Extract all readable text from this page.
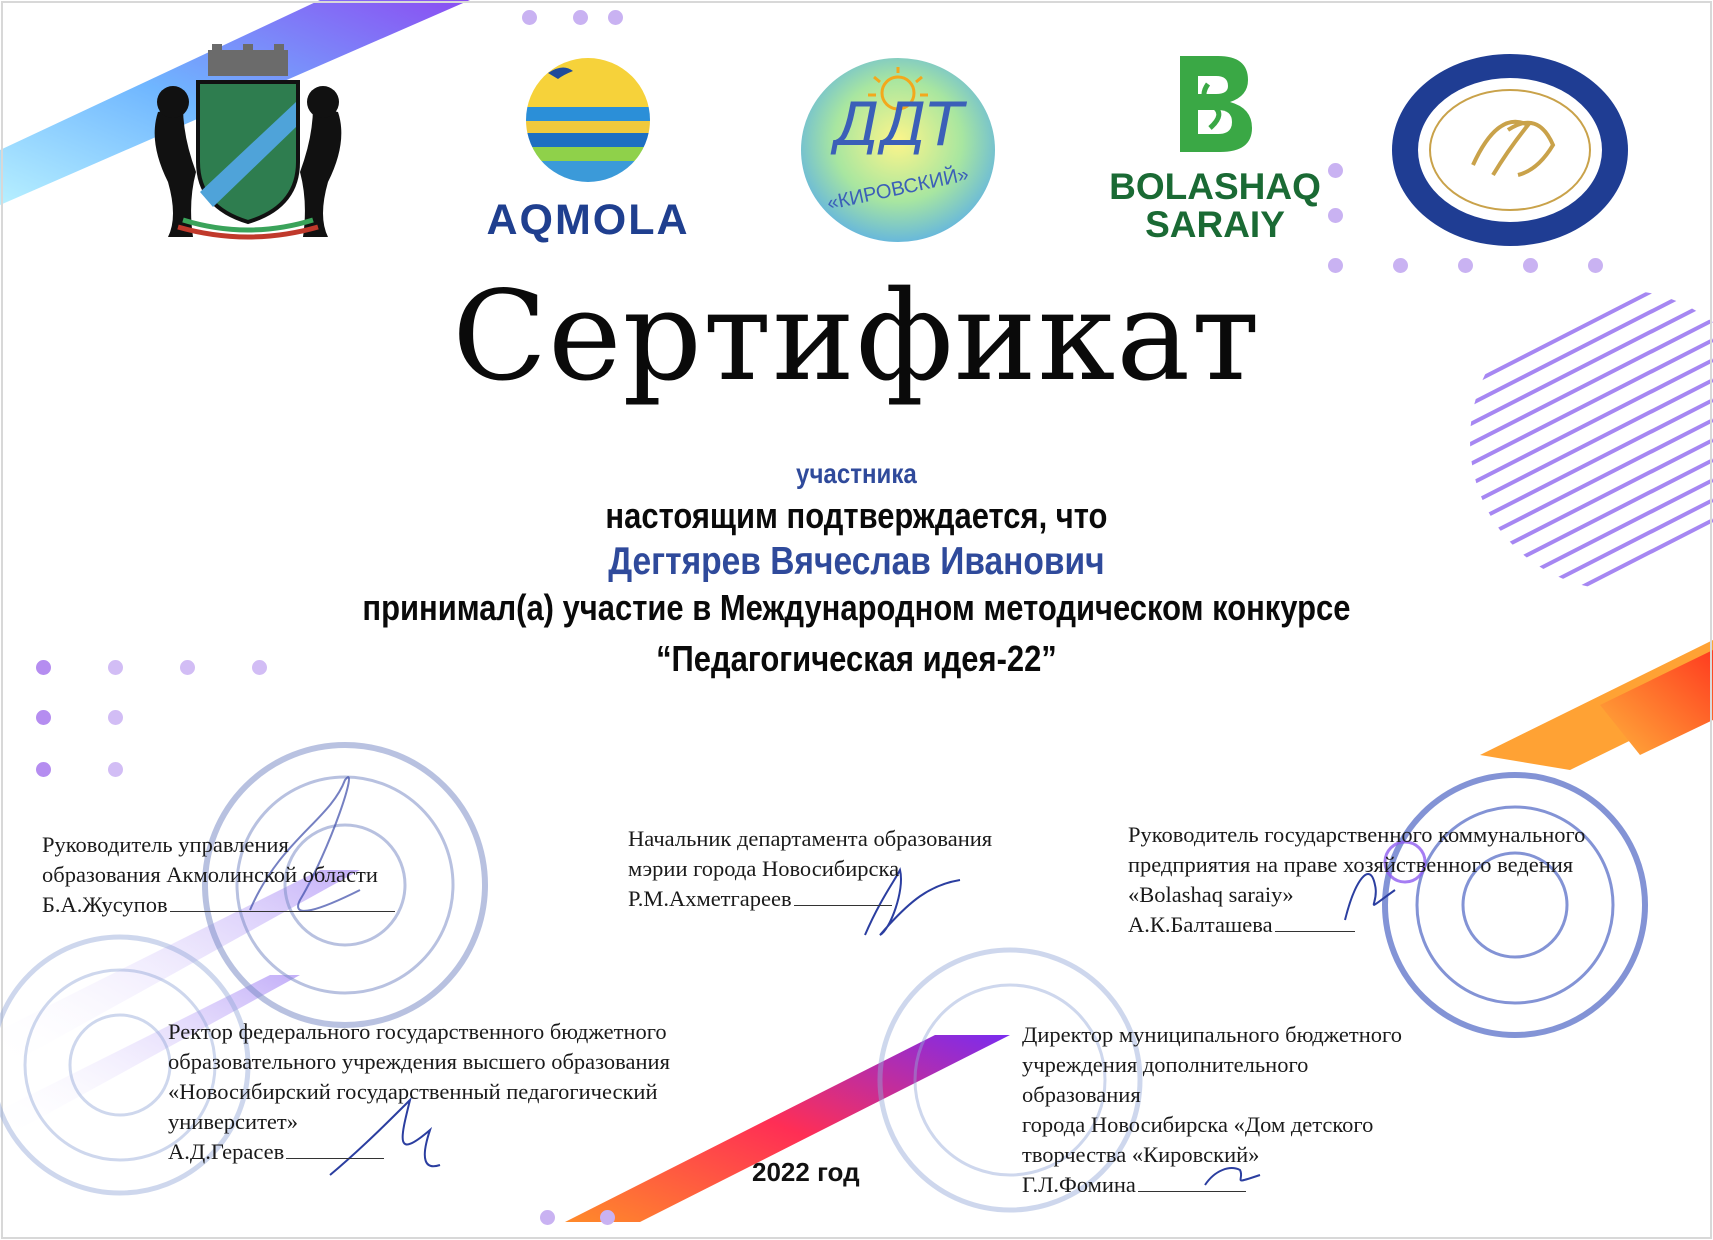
AQMOLA
ДДТ
«КИРОВСКИЙ»	BOLASHAQ
SARAIY
Сертификат
участника
настоящим подтверждается, что
Дегтярев Вячеслав Иванович
принимал(а) участие в Международном методическом конкурсе
“Педагогическая идея-22”
Руководитель управления
образования Акмолинской области
Б.А.Жусупов
Начальник департамента образования
мэрии города Новосибирска
Р.М.Ахметгареев
Руководитель государственного коммунального
предприятия на праве хозяйственного ведения
«Bolashaq saraiy»
А.К.Балташева
Ректор федерального государственного бюджетного
образовательного учреждения высшего образования
«Новосибирский государственный педагогический
университет»
А.Д.Герасев
Директор муниципального бюджетного
учреждения дополнительного
образования
города Новосибирска «Дом детского
творчества «Кировский»
Г.Л.Фомина
2022 год
